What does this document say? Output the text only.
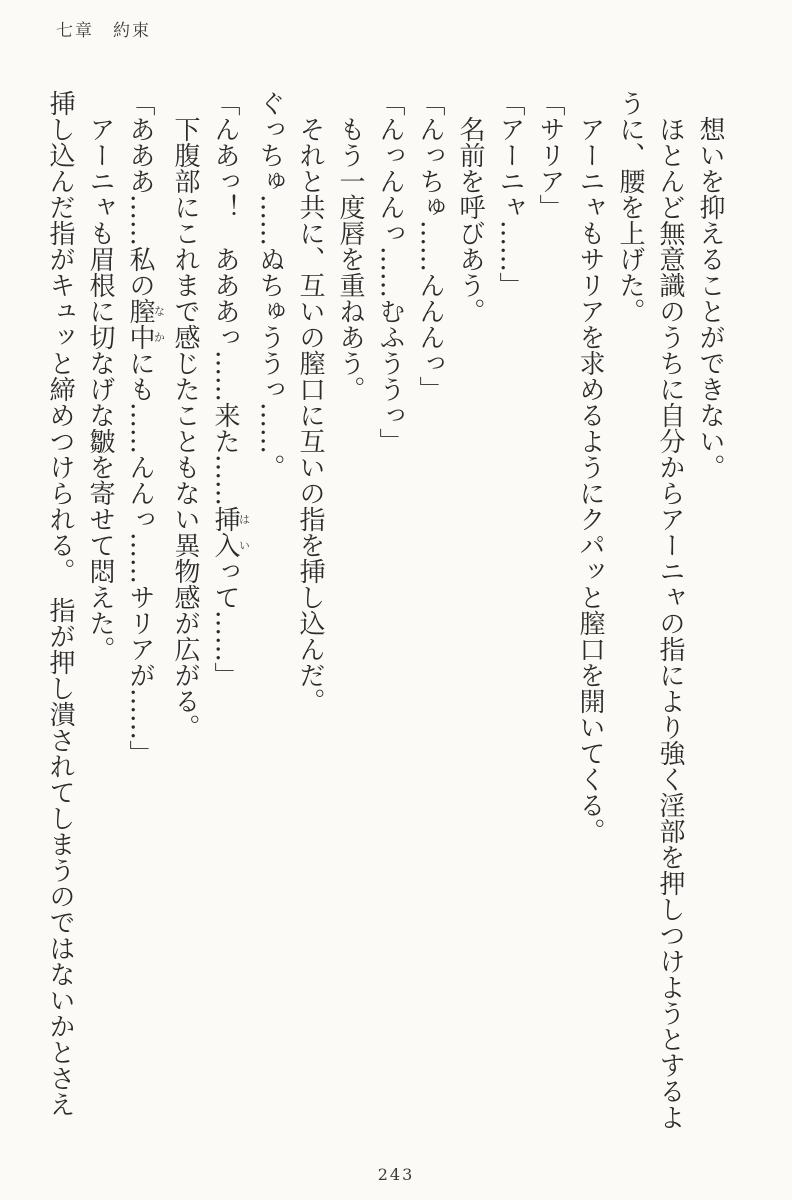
七章　約束

想いを抑えることができない。

ほとんど無意識のうちに自分からアーニャの指により強く淫部を押しつけようとするように、腰を上げた。

アーニャもサリアを求めるようにクパッと膣口を開いてくる。

「サリア」

「アーニャ……」

名前を呼びあう。

「んっちゅ……んんんっ」

「んっんんっ……むふううっ」

もう一度唇を重ねあう。

それと共に、互いの膣口に互いの指を挿し込んだ。

ぐっちゅ……ぬちゅううっ……。

「んあっ！　あああっ……来た……挿入はいって……」

下腹部にこれまで感じたこともない異物感が広がる。

「あああ……私の膣中なかにも……んんっ……サリアが……」

アーニャも眉根に切なげな皺を寄せて悶えた。

挿し込んだ指がキュッと締めつけられる。　指が押し潰されてしまうのではないかとさえ

243
